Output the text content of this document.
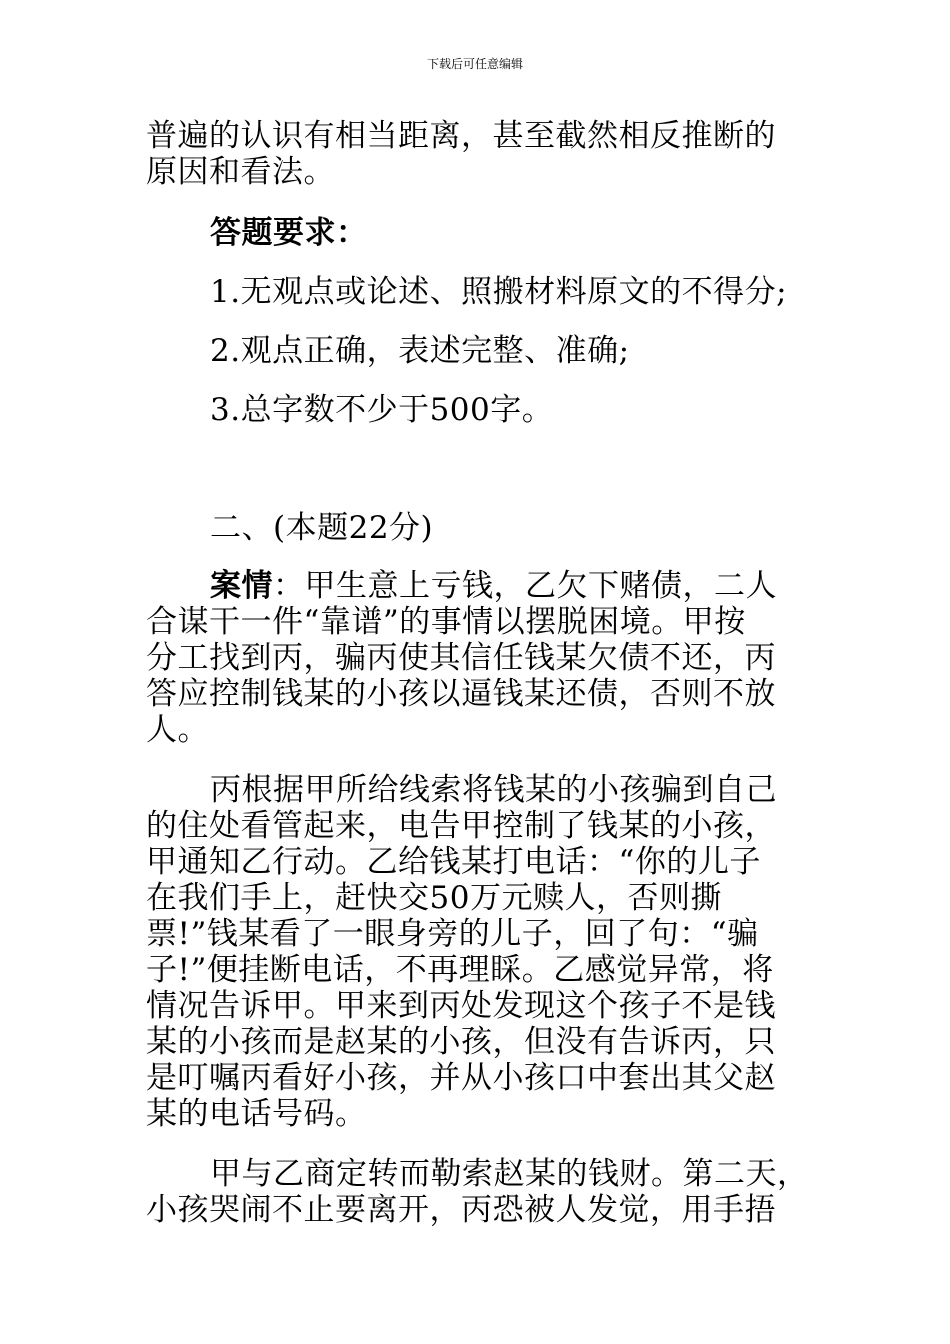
下载后可任意编辑
普遍的认识有相当距离，甚至截然相反推断的
原因和看法。
答题要求：
1.无观点或论述、照搬材料原文的不得分;
2.观点正确，表述完整、准确;
3.总字数不少于500字。
二、(本题22分)
案情：甲生意上亏钱，乙欠下赌债，二人
合谋干一件“靠谱”的事情以摆脱困境。甲按
分工找到丙，骗丙使其信任钱某欠债不还，丙
答应控制钱某的小孩以逼钱某还债，否则不放
人。
丙根据甲所给线索将钱某的小孩骗到自己
的住处看管起来，电告甲控制了钱某的小孩，
甲通知乙行动。乙给钱某打电话：“你的儿子
在我们手上，赶快交50万元赎人，否则撕
票!”钱某看了一眼身旁的儿子，回了句：“骗
子!”便挂断电话，不再理睬。乙感觉异常，将
情况告诉甲。甲来到丙处发现这个孩子不是钱
某的小孩而是赵某的小孩，但没有告诉丙，只
是叮嘱丙看好小孩，并从小孩口中套出其父赵
某的电话号码。
甲与乙商定转而勒索赵某的钱财。第二天，
小孩哭闹不止要离开，丙恐被人发觉，用手捂
